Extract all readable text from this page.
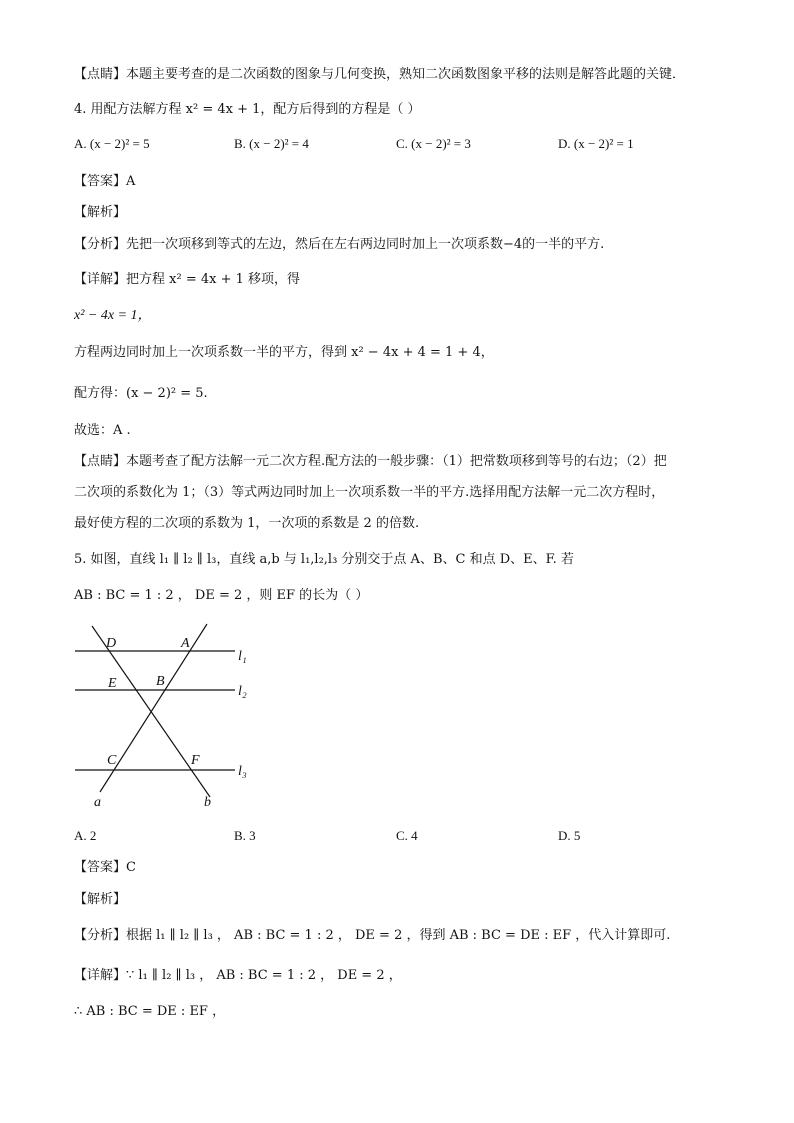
【点睛】本题主要考查的是二次函数的图象与几何变换，熟知二次函数图象平移的法则是解答此题的关键．
4. 用配方法解方程 x² = 4x + 1，配方后得到的方程是（ ）
A. (x − 2)² = 5	B. (x − 2)² = 4	C. (x − 2)² = 3	D. (x − 2)² = 1
【答案】A
【解析】
【分析】先把一次项移到等式的左边，然后在左右两边同时加上一次项系数−4的一半的平方.
【详解】把方程 x² = 4x + 1 移项，得
x² − 4x = 1，
方程两边同时加上一次项系数一半的平方，得到 x² − 4x + 4 = 1 + 4，
配方得：(x − 2)² = 5.
故选：A .
【点睛】本题考查了配方法解一元二次方程.配方法的一般步骤：（1）把常数项移到等号的右边；（2）把
二次项的系数化为 1；（3）等式两边同时加上一次项系数一半的平方.选择用配方法解一元二次方程时，
最好使方程的二次项的系数为 1，一次项的系数是 2 的倍数.
5. 如图，直线 l₁ ∥ l₂ ∥ l₃，直线 a,b 与 l₁,l₂,l₃ 分别交于点 A、B、C 和点 D、E、F. 若
AB : BC = 1 : 2 ， DE = 2 ，则 EF 的长为（ ）
D	A
l₁
E	B
l₂
C	F
l₃
a	b
A. 2	B. 3	C. 4	D. 5
【答案】C
【解析】
【分析】根据 l₁ ∥ l₂ ∥ l₃ ， AB : BC = 1 : 2 ， DE = 2 ，得到 AB : BC = DE : EF ，代入计算即可.
【详解】∵ l₁ ∥ l₂ ∥ l₃ ， AB : BC = 1 : 2 ， DE = 2 ，
∴ AB : BC = DE : EF ，
